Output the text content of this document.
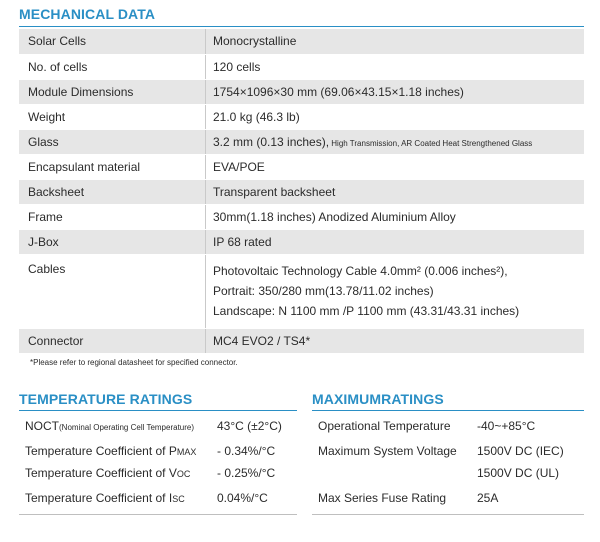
MECHANICAL DATA
Solar Cells	Monocrystalline
No. of cells	120 cells
Module Dimensions	1754×1096×30 mm (69.06×43.15×1.18 inches)
Weight	21.0 kg (46.3 lb)
Glass	3.2 mm (0.13 inches), High Transmission, AR Coated Heat Strengthened Glass
Encapsulant material	EVA/POE
Backsheet	Transparent backsheet
Frame	30mm(1.18 inches) Anodized Aluminium Alloy
J-Box	IP 68 rated
Cables	Photovoltaic Technology Cable 4.0mm² (0.006 inches²),
Portrait: 350/280 mm(13.78/11.02 inches)
Landscape: N 1100 mm /P 1100 mm (43.31/43.31 inches)

Connector	MC4 EVO2 / TS4*
*Please refer to regional datasheet for specified connector.
TEMPERATURE RATINGS
NOCT(Nominal Operating Cell Temperature) 43°C (±2°C)
Temperature Coefficient of PMAX - 0.34%/°C
Temperature Coefficient of VOC - 0.25%/°C
Temperature Coefficient of ISC	0.04%/°C
MAXIMUMRATINGS
Operational Temperature -40~+85°C
Maximum System Voltage 1500V DC (IEC)
1500V DC (UL)
Max Series Fuse Rating	25A
